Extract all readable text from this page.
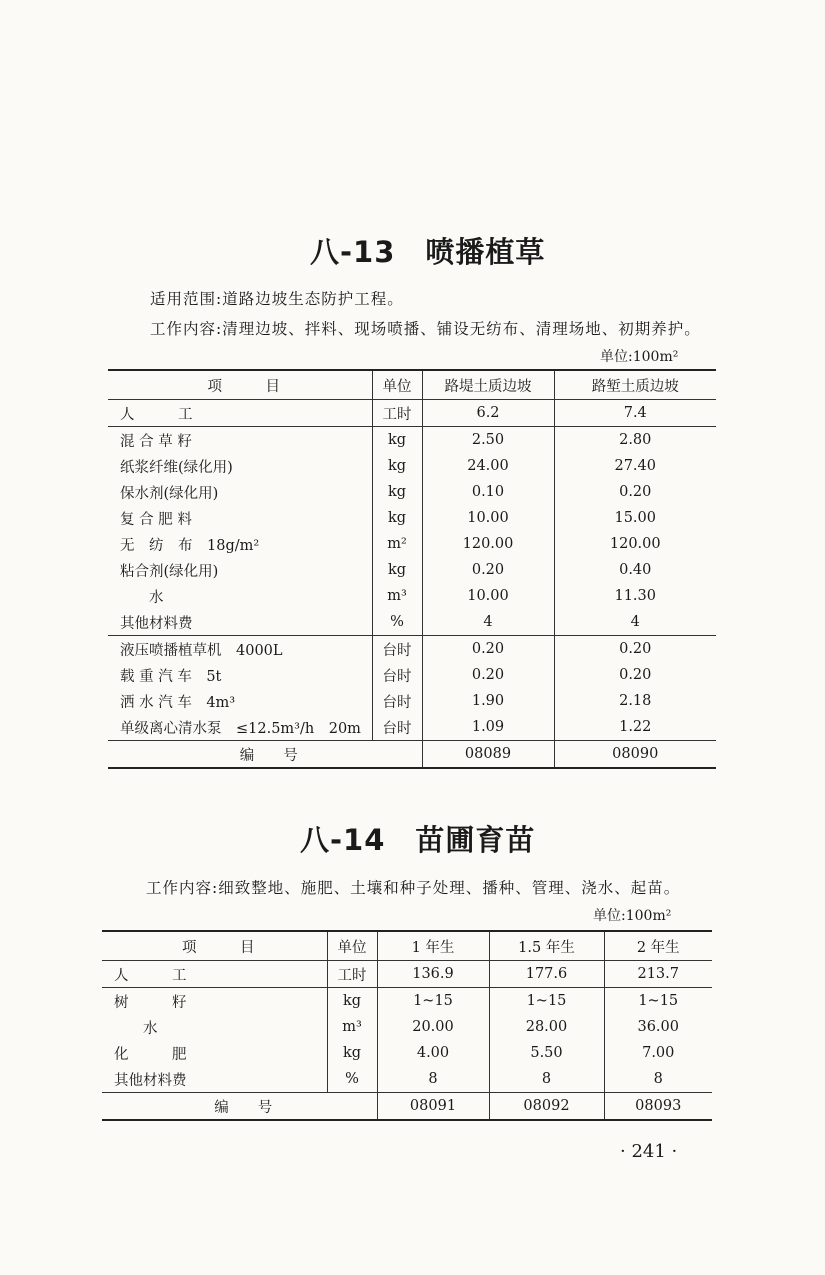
八-13 喷播植草
适用范围:道路边坡生态防护工程。
工作内容:清理边坡、拌料、现场喷播、铺设无纺布、清理场地、初期养护。
单位:100m²
项　　　目	单位	路堤土质边坡	路堑土质边坡
人　　　工	工时	6.2	7.4
混 合 草 籽	kg	2.50	2.80
纸浆纤维(绿化用)	kg	24.00	27.40
保水剂(绿化用)	kg	0.10	0.20
复 合 肥 料	kg	10.00	15.00
无　纺　布　18g/m²	m²	120.00	120.00
粘合剂(绿化用)	kg	0.20	0.40
　　水	m³	10.00	11.30
其他材料费	%	4	4
液压喷播植草机　4000L	台时	0.20	0.20
载 重 汽 车　5t	台时	0.20	0.20
洒 水 汽 车　4m³	台时	1.90	2.18
单级离心清水泵　≤12.5m³/h　20m	台时	1.09	1.22
编　　号		08089	08090
八-14 苗圃育苗
工作内容:细致整地、施肥、土壤和种子处理、播种、管理、浇水、起苗。
单位:100m²
项　　　目	单位	1 年生	1.5 年生	2 年生
人　　　工	工时	136.9	177.6	213.7
树　　　籽	kg	1~15	1~15	1~15
　　水	m³	20.00	28.00	36.00
化　　　肥	kg	4.00	5.50	7.00
其他材料费	%	8	8	8
编　　号		08091	08092	08093
· 241 ·
